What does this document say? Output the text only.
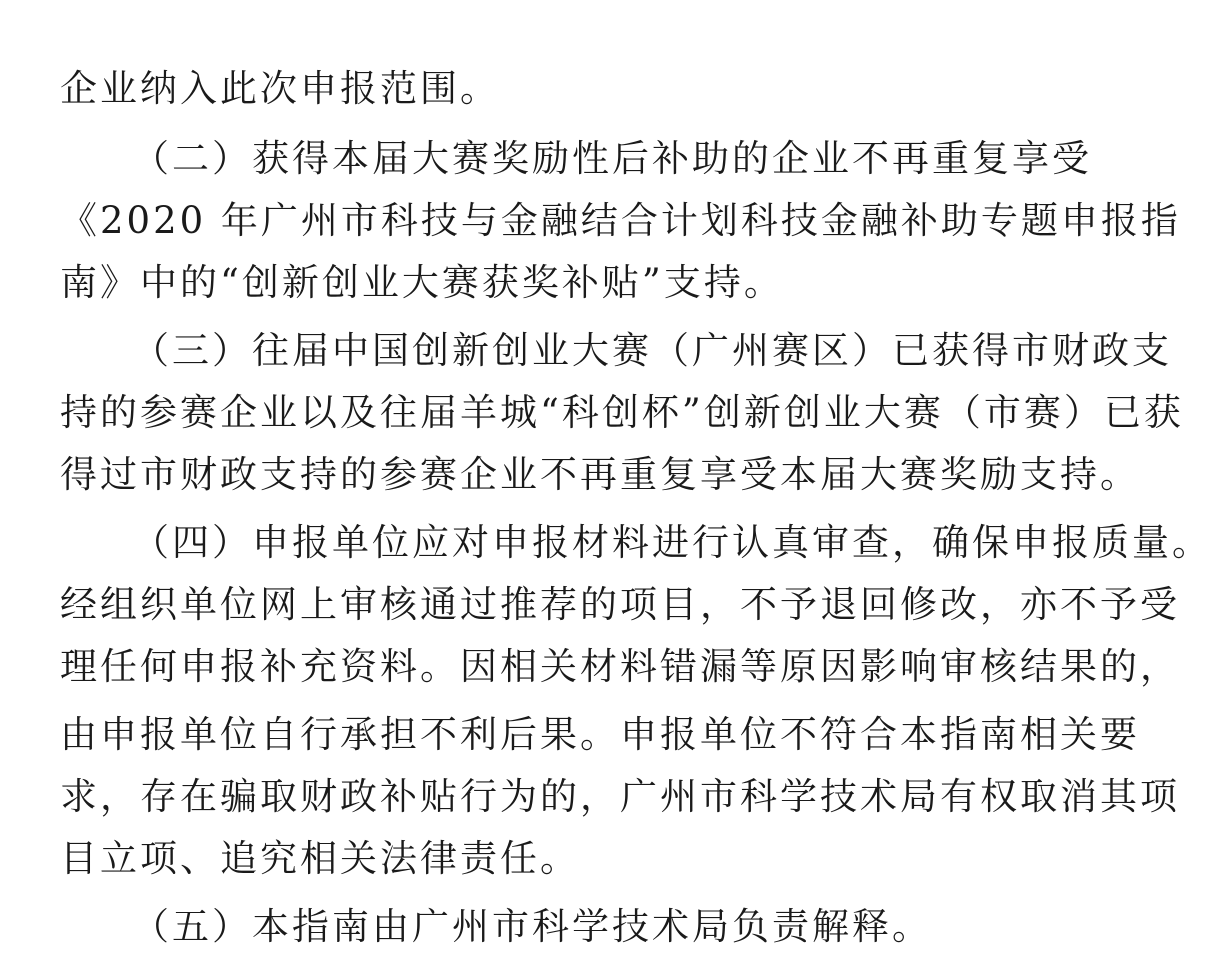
企业纳入此次申报范围。
（二）获得本届大赛奖励性后补助的企业不再重复享受
《2020 年广州市科技与金融结合计划科技金融补助专题申报指
南》中的“创新创业大赛获奖补贴”支持。
（三）往届中国创新创业大赛（广州赛区）已获得市财政支
持的参赛企业以及往届羊城“科创杯”创新创业大赛（市赛）已获
得过市财政支持的参赛企业不再重复享受本届大赛奖励支持。
（四）申报单位应对申报材料进行认真审查，确保申报质量。
经组织单位网上审核通过推荐的项目，不予退回修改，亦不予受
理任何申报补充资料。因相关材料错漏等原因影响审核结果的，
由申报单位自行承担不利后果。申报单位不符合本指南相关要
求，存在骗取财政补贴行为的，广州市科学技术局有权取消其项
目立项、追究相关法律责任。
（五）本指南由广州市科学技术局负责解释。
